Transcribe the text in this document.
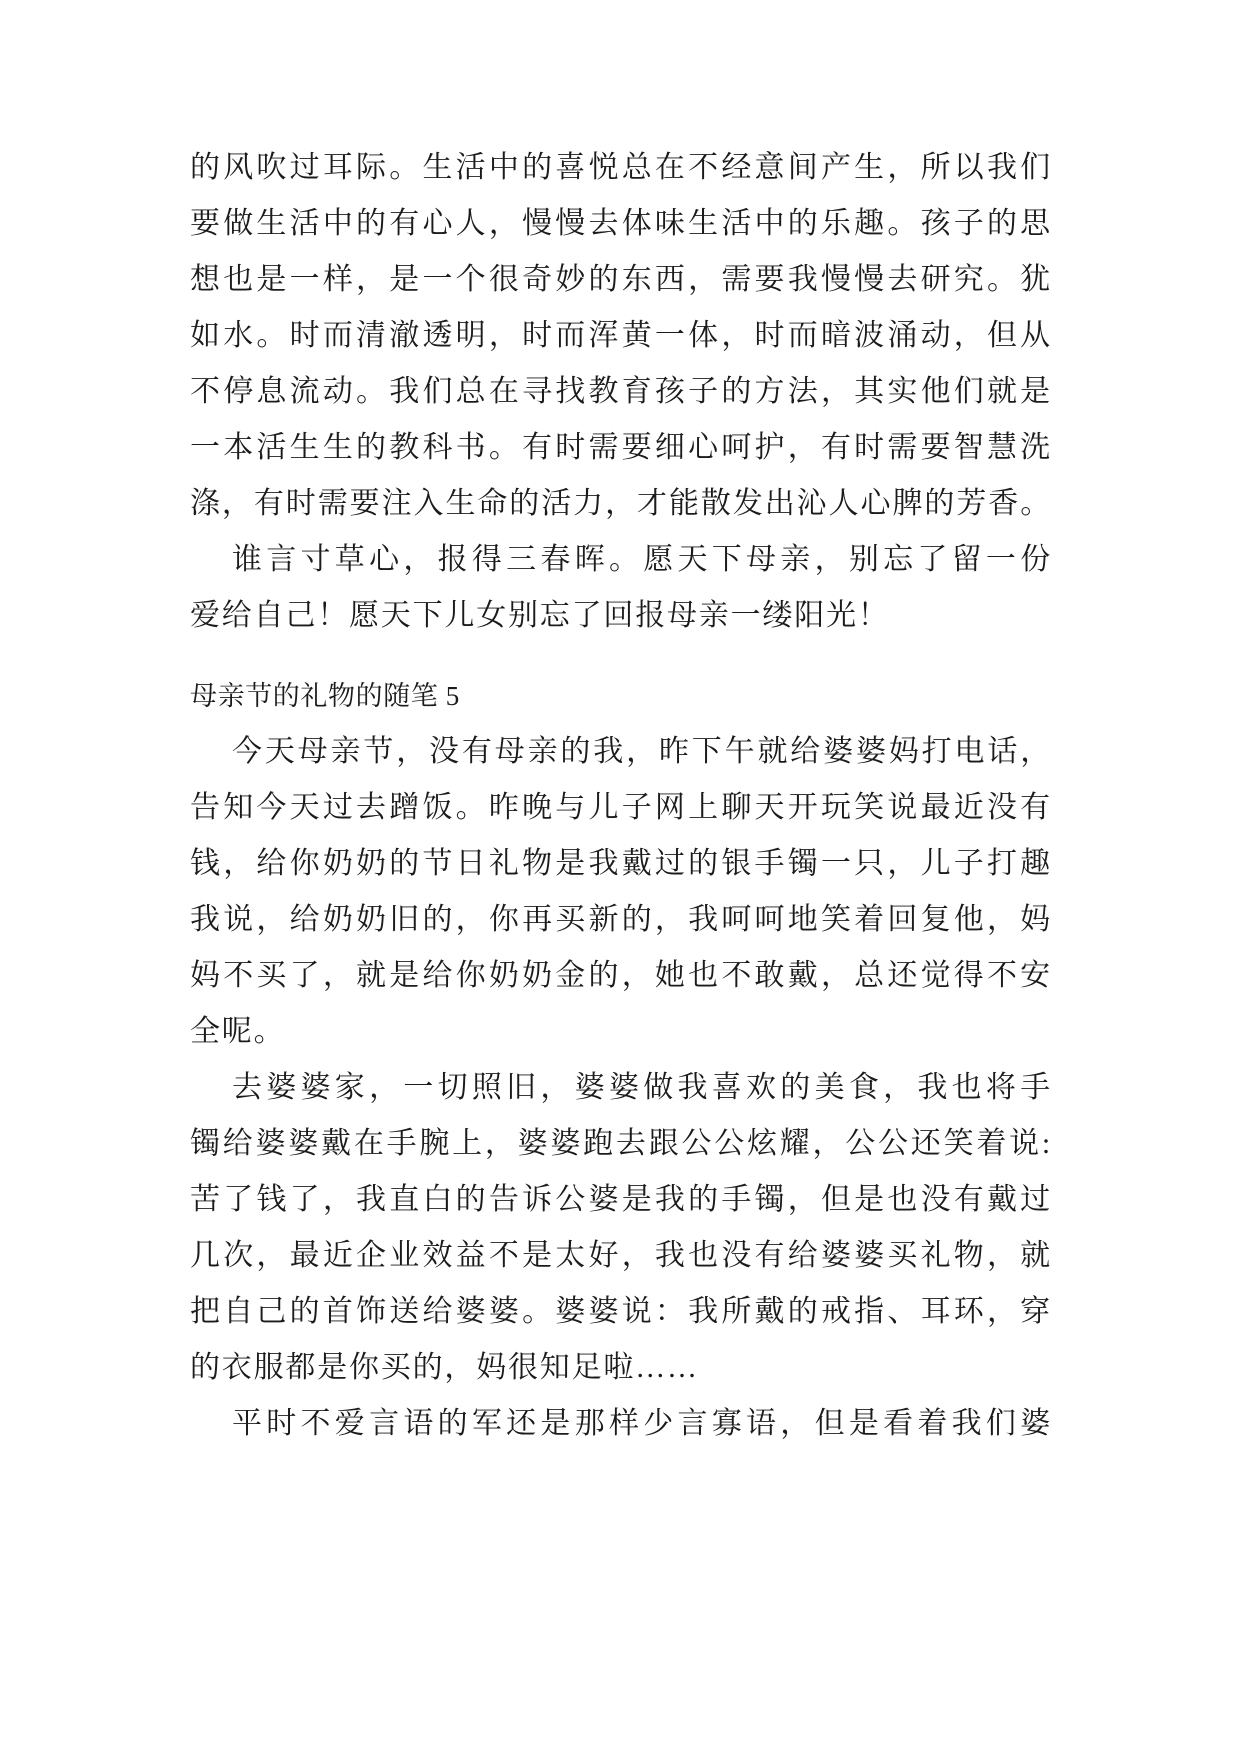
的风吹过耳际。生活中的喜悦总在不经意间产生，所以我们
要做生活中的有心人，慢慢去体味生活中的乐趣。孩子的思
想也是一样，是一个很奇妙的东西，需要我慢慢去研究。犹
如水。时而清澈透明，时而浑黄一体，时而暗波涌动，但从
不停息流动。我们总在寻找教育孩子的方法，其实他们就是
一本活生生的教科书。有时需要细心呵护，有时需要智慧洗
涤，有时需要注入生命的活力，才能散发出沁人心脾的芳香。
谁言寸草心，报得三春晖。愿天下母亲，别忘了留一份
爱给自己！愿天下儿女别忘了回报母亲一缕阳光！
母亲节的礼物的随笔 5
今天母亲节，没有母亲的我，昨下午就给婆婆妈打电话，
告知今天过去蹭饭。昨晚与儿子网上聊天开玩笑说最近没有
钱，给你奶奶的节日礼物是我戴过的银手镯一只，儿子打趣
我说，给奶奶旧的，你再买新的，我呵呵地笑着回复他，妈
妈不买了，就是给你奶奶金的，她也不敢戴，总还觉得不安
全呢。
去婆婆家，一切照旧，婆婆做我喜欢的美食，我也将手
镯给婆婆戴在手腕上，婆婆跑去跟公公炫耀，公公还笑着说:
苦了钱了，我直白的告诉公婆是我的手镯，但是也没有戴过
几次，最近企业效益不是太好，我也没有给婆婆买礼物，就
把自己的首饰送给婆婆。婆婆说：我所戴的戒指、耳环，穿
的衣服都是你买的，妈很知足啦……
平时不爱言语的军还是那样少言寡语，但是看着我们婆
